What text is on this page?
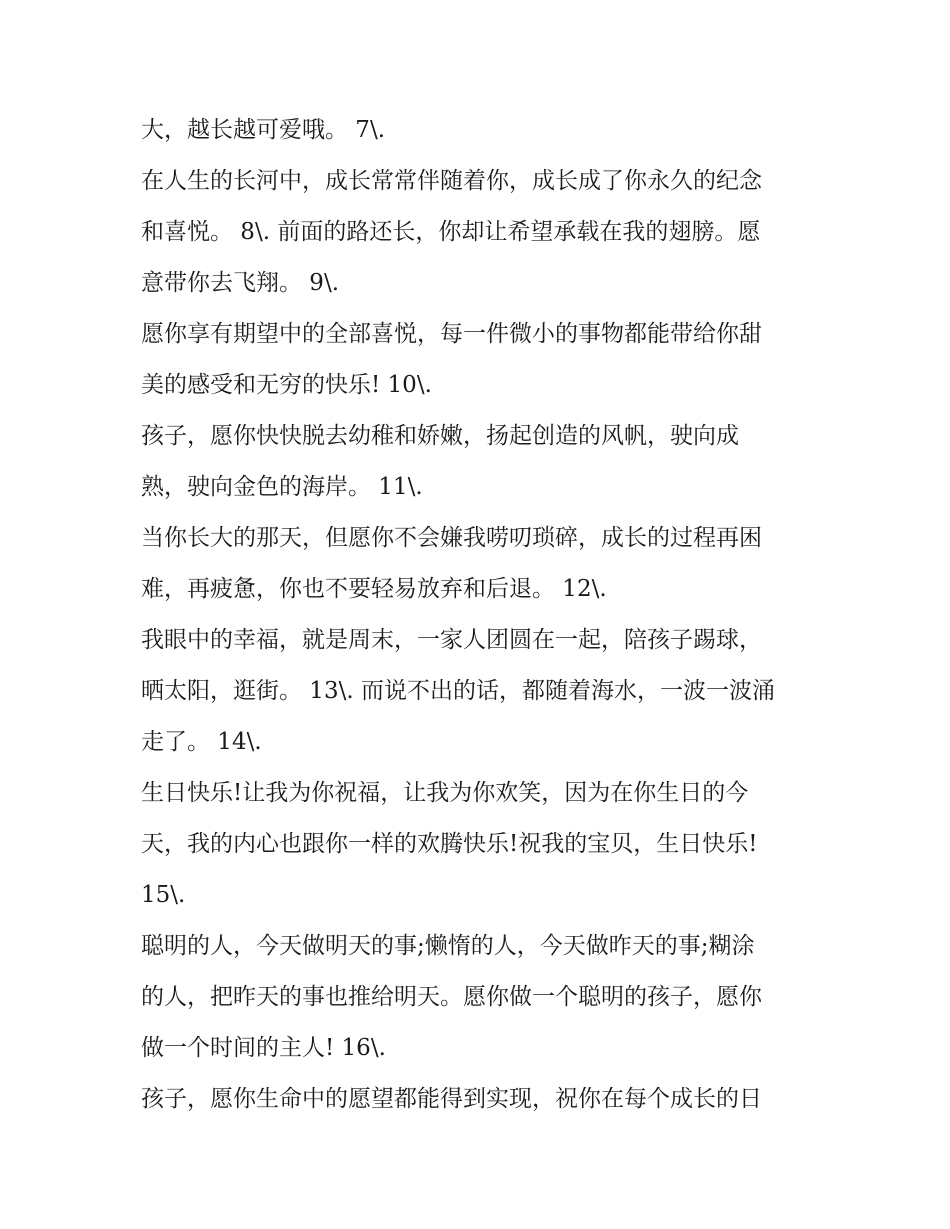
大，越长越可爱哦。 7\.
在人生的长河中，成长常常伴随着你，成长成了你永久的纪念
和喜悦。 8\. 前面的路还长，你却让希望承载在我的翅膀。愿
意带你去飞翔。 9\.
愿你享有期望中的全部喜悦，每一件微小的事物都能带给你甜
美的感受和无穷的快乐! 10\.
孩子，愿你快快脱去幼稚和娇嫩，扬起创造的风帆，驶向成
熟，驶向金色的海岸。 11\.
当你长大的那天，但愿你不会嫌我唠叨琐碎，成长的过程再困
难，再疲惫，你也不要轻易放弃和后退。 12\.
我眼中的幸福，就是周末，一家人团圆在一起，陪孩子踢球，
晒太阳，逛街。 13\. 而说不出的话，都随着海水，一波一波涌
走了。 14\.
生日快乐!让我为你祝福，让我为你欢笑，因为在你生日的今
天，我的内心也跟你一样的欢腾快乐!祝我的宝贝，生日快乐!
15\.
聪明的人，今天做明天的事;懒惰的人，今天做昨天的事;糊涂
的人，把昨天的事也推给明天。愿你做一个聪明的孩子，愿你
做一个时间的主人! 16\.
孩子，愿你生命中的愿望都能得到实现，祝你在每个成长的日
